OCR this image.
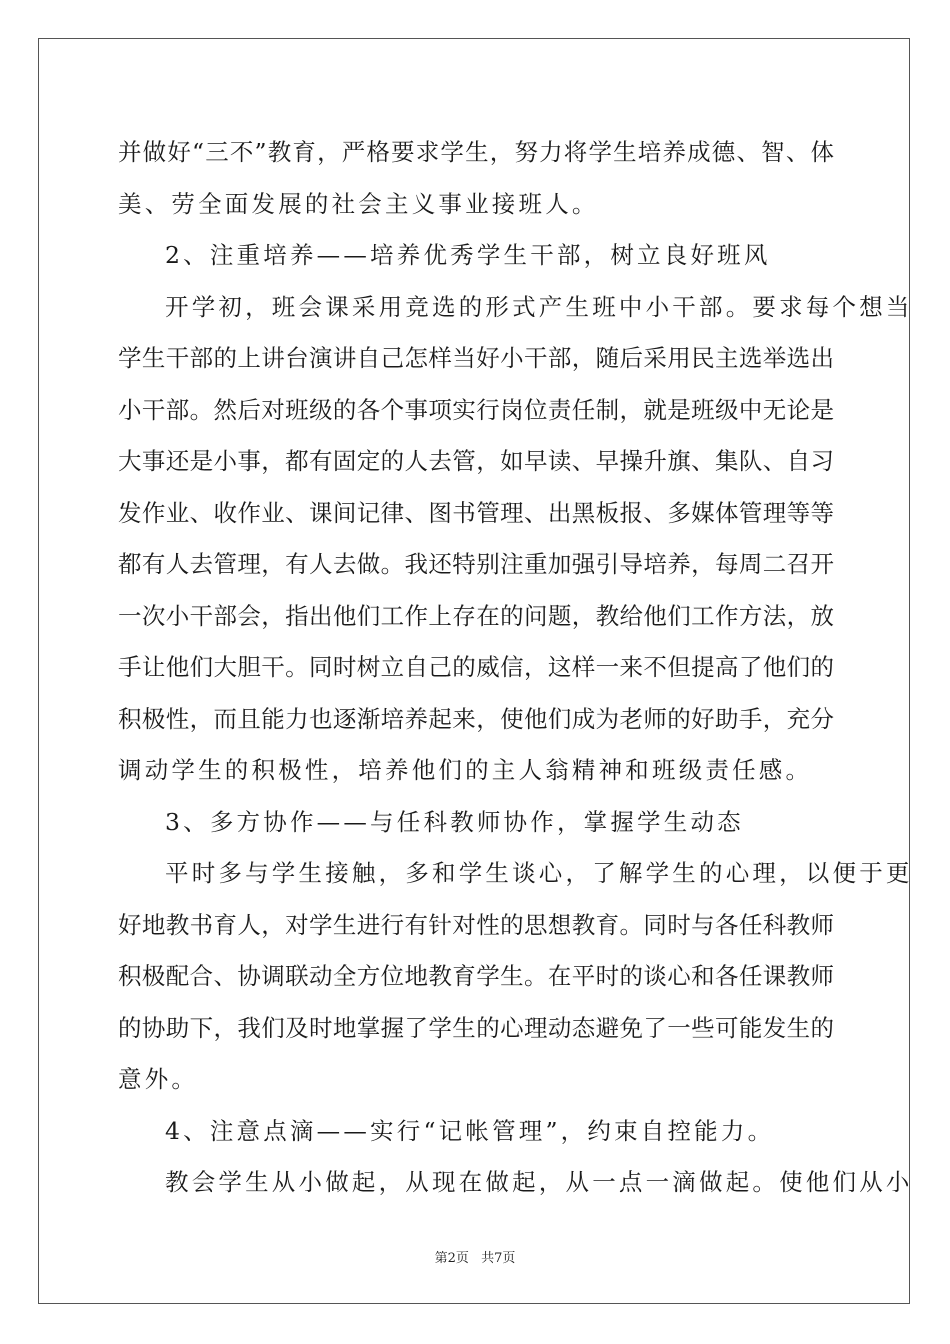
并做好“三不”教育，严格要求学生，努力将学生培养成德、智、体
美、劳全面发展的社会主义事业接班人。
2、注重培养——培养优秀学生干部，树立良好班风
开学初，班会课采用竞选的形式产生班中小干部。要求每个想当
学生干部的上讲台演讲自己怎样当好小干部，随后采用民主选举选出
小干部。然后对班级的各个事项实行岗位责任制，就是班级中无论是
大事还是小事，都有固定的人去管，如早读、早操升旗、集队、自习
发作业、收作业、课间记律、图书管理、出黑板报、多媒体管理等等
都有人去管理，有人去做。我还特别注重加强引导培养，每周二召开
一次小干部会，指出他们工作上存在的问题，教给他们工作方法，放
手让他们大胆干。同时树立自己的威信，这样一来不但提高了他们的
积极性，而且能力也逐渐培养起来，使他们成为老师的好助手，充分
调动学生的积极性，培养他们的主人翁精神和班级责任感。
3、多方协作——与任科教师协作，掌握学生动态
平时多与学生接触，多和学生谈心，了解学生的心理，以便于更
好地教书育人，对学生进行有针对性的思想教育。同时与各任科教师
积极配合、协调联动全方位地教育学生。在平时的谈心和各任课教师
的协助下，我们及时地掌握了学生的心理动态避免了一些可能发生的
意外。
4、注意点滴——实行“记帐管理”，约束自控能力。
教会学生从小做起，从现在做起，从一点一滴做起。使他们从小
第2页 共7页
